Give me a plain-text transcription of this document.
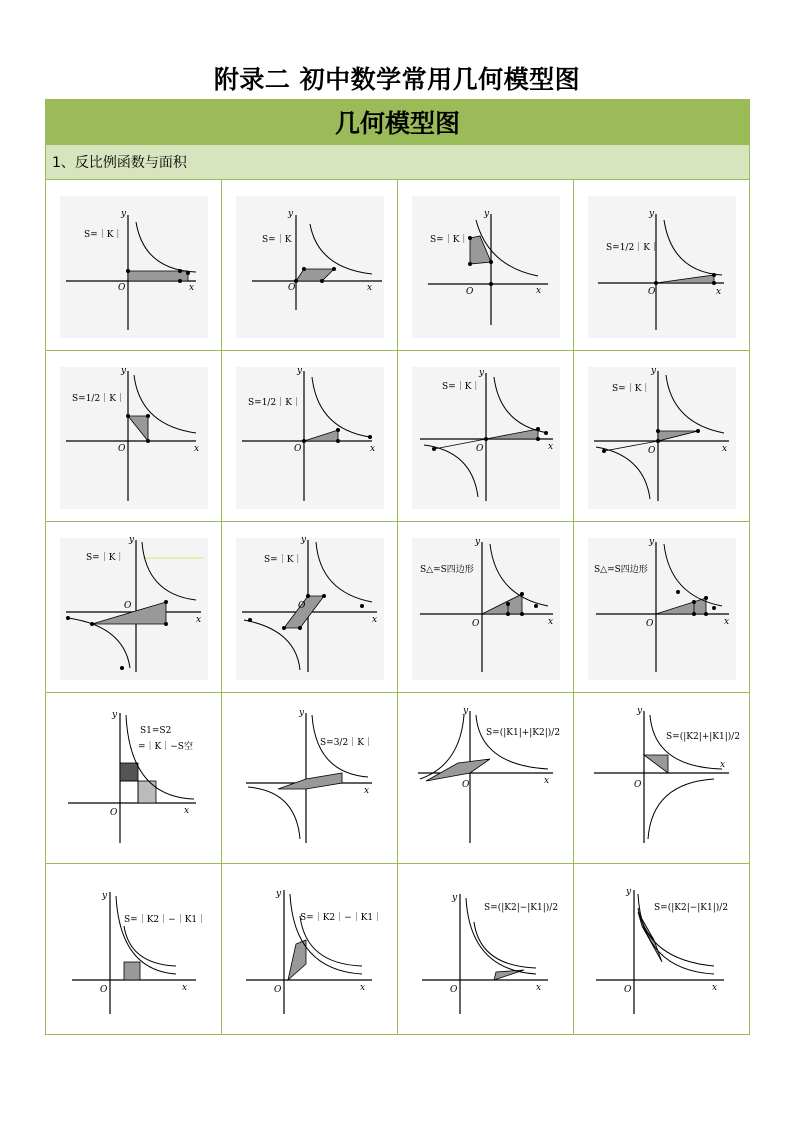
附录二 初中数学常用几何模型图
几何模型图			
1、反比例函数与面积			

S=｜K｜
y
x
O	S=｜K｜
y
x
O	S=｜K｜
y
x
O	S=1/2｜K｜
y
x
O

S=1/2｜K｜
y
x
O	S=1/2｜K｜
y
x
O	S=｜K｜
y
x
O	S=｜K｜
y
x
O

S=｜K｜
y
x
O	S=｜K｜
y
x
O	S△=S四边形
y
x
O	S△=S四边形
y
x
O

S1=S2
=｜K｜−S空
y
x
O	S=3/2｜K｜
y
x	S=(|K1|+|K2|)/2
y
x
O	S=(|K2|+|K1|)/2
y
x
O

S=｜K2｜−｜K1｜
y
x
O	S=｜K2｜−｜K1｜
y
x
O	S=(|K2|−|K1|)/2
y
x
O	S=(|K2|−|K1|)/2
y
x
O
